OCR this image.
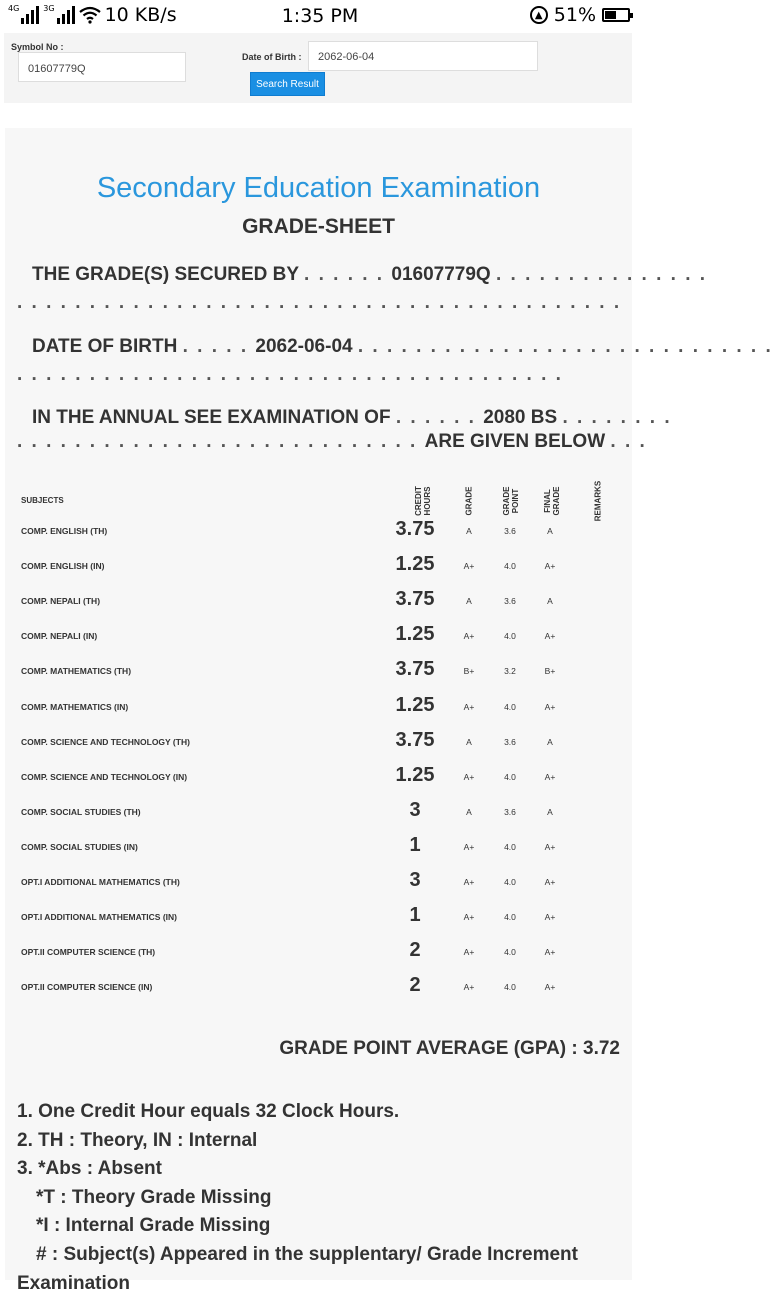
4G	3G	10 KB/s	1:35 PM	▲ 51%
Symbol No :
01607779Q
Date of Birth :	2062-06-04
Search Result
Secondary Education Examination
GRADE-SHEET
THE GRADE(S) SECURED BY . . . . . . 01607779Q . . . . . . . . . . . . . . .
. . . . . . . . . . . . . . . . . . . . . . . . . . . . . . . . . . . . . . . . . .
DATE OF BIRTH . . . . . 2062-06-04 . . . . . . . . . . . . . . . . . . . . . . . . . . . . .
. . . . . . . . . . . . . . . . . . . . . . . . . . . . . . . . . . . . . .
IN THE ANNUAL SEE EXAMINATION OF . . . . . . 2080 BS . . . . . . . .
. . . . . . . . . . . . . . . . . . . . . . . . . . . . ARE GIVEN BELOW . . .
SUBJECTS	CREDIT HOURS	GRADE	GRADE POINT	FINAL GRADE	REMARKS
COMP. ENGLISH (TH)	3.75	A	3.6	A
COMP. ENGLISH (IN)	1.25	A+	4.0	A+
COMP. NEPALI (TH)	3.75	A	3.6	A
COMP. NEPALI (IN)	1.25	A+	4.0	A+
COMP. MATHEMATICS (TH)	3.75	B+	3.2	B+
COMP. MATHEMATICS (IN)	1.25	A+	4.0	A+
COMP. SCIENCE AND TECHNOLOGY (TH)	3.75	A	3.6	A
COMP. SCIENCE AND TECHNOLOGY (IN)	1.25	A+	4.0	A+
COMP. SOCIAL STUDIES (TH)	3	A	3.6	A
COMP. SOCIAL STUDIES (IN)	1	A+	4.0	A+
OPT.I ADDITIONAL MATHEMATICS (TH)	3	A+	4.0	A+
OPT.I ADDITIONAL MATHEMATICS (IN)	1	A+	4.0	A+
OPT.II COMPUTER SCIENCE (TH)	2	A+	4.0	A+
OPT.II COMPUTER SCIENCE (IN)	2	A+	4.0	A+
GRADE POINT AVERAGE (GPA) : 3.72
1. One Credit Hour equals 32 Clock Hours.
2. TH : Theory, IN : Internal
3. *Abs : Absent
*T : Theory Grade Missing
*I : Internal Grade Missing
# : Subject(s) Appeared in the supplentary/ Grade Increment
Examination
